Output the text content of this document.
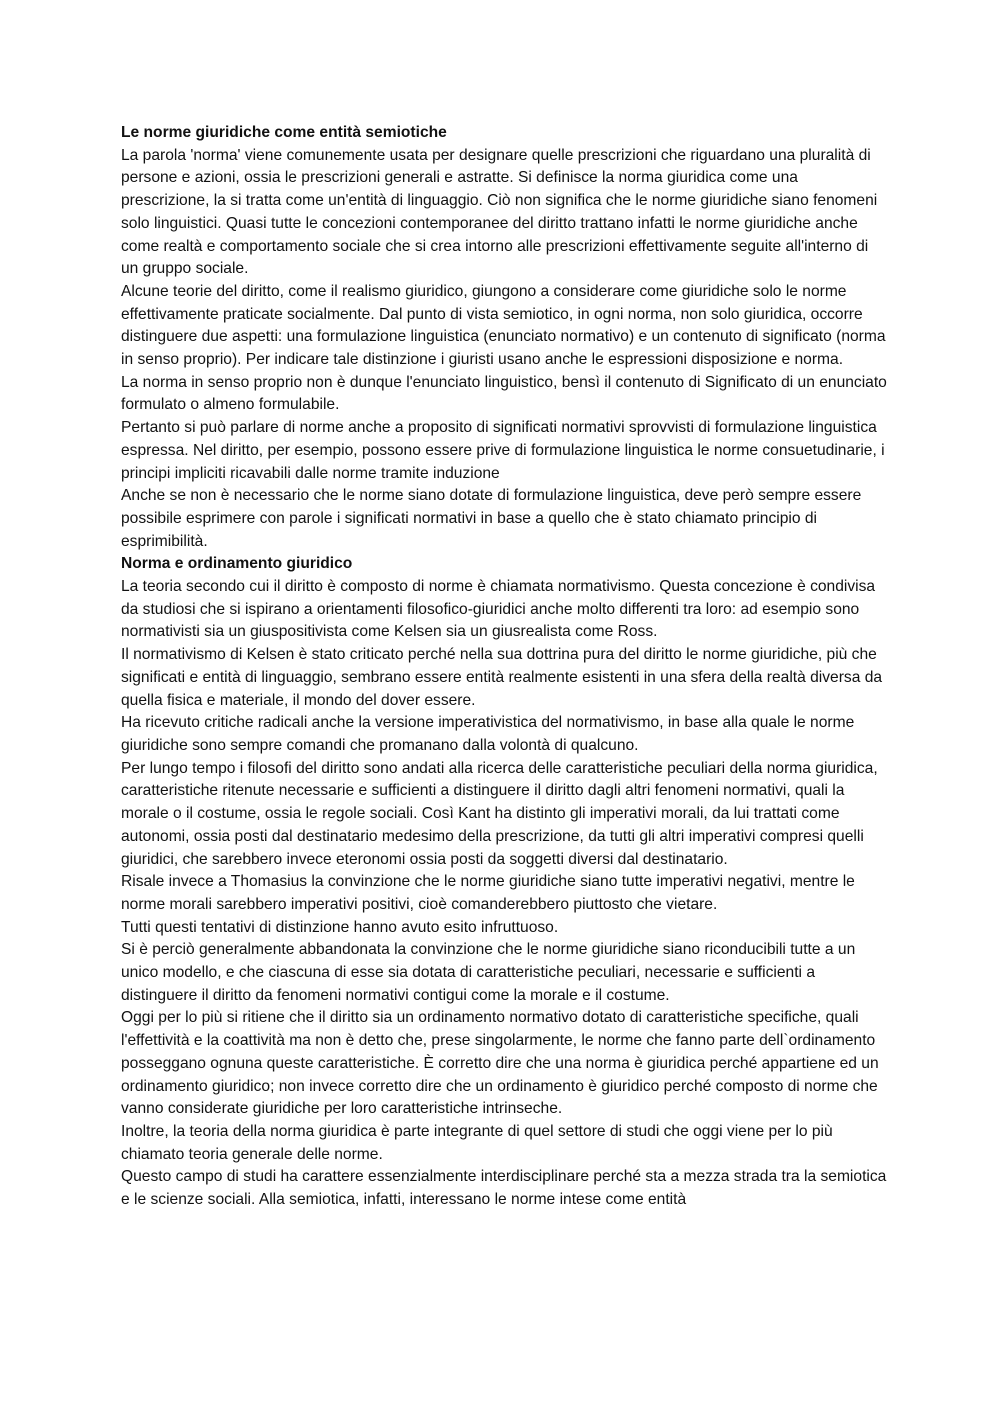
Le norme giuridiche come entità semiotiche

La parola 'norma' viene comunemente usata per designare quelle prescrizioni che riguardano una pluralità di persone e azioni, ossia le prescrizioni generali e astratte. Si definisce la norma giuridica come una prescrizione, la si tratta come un'entità di linguaggio. Ciò non significa che le norme giuridiche siano fenomeni solo linguistici. Quasi tutte le concezioni contemporanee del diritto trattano infatti le norme giuridiche anche come realtà e comportamento sociale che si crea intorno alle prescrizioni effettivamente seguite all'interno di un gruppo sociale.

Alcune teorie del diritto, come il realismo giuridico, giungono a considerare come giuridiche solo le norme effettivamente praticate socialmente. Dal punto di vista semiotico, in ogni norma, non solo giuridica, occorre distinguere due aspetti: una formulazione linguistica (enunciato normativo) e un contenuto di significato (norma in senso proprio). Per indicare tale distinzione i giuristi usano anche le espressioni disposizione e norma.

La norma in senso proprio non è dunque l'enunciato linguistico, bensì il contenuto di Significato di un enunciato formulato o almeno formulabile.

Pertanto si può parlare di norme anche a proposito di significati normativi sprovvisti di formulazione linguistica espressa. Nel diritto, per esempio, possono essere prive di formulazione linguistica le norme consuetudinarie, i principi impliciti ricavabili dalle norme tramite induzione

Anche se non è necessario che le norme siano dotate di formulazione linguistica, deve però sempre essere possibile esprimere con parole i significati normativi in base a quello che è stato chiamato principio di esprimibilità.

Norma e ordinamento giuridico

La teoria secondo cui il diritto è composto di norme è chiamata normativismo. Questa concezione è condivisa da studiosi che si ispirano a orientamenti filosofico-giuridici anche molto differenti tra loro: ad esempio sono normativisti sia un giuspositivista come Kelsen sia un giusrealista come Ross.

Il normativismo di Kelsen è stato criticato perché nella sua dottrina pura del diritto le norme giuridiche, più che significati e entità di linguaggio, sembrano essere entità realmente esistenti in una sfera della realtà diversa da quella fisica e materiale, il mondo del dover essere.

Ha ricevuto critiche radicali anche la versione imperativistica del normativismo, in base alla quale le norme giuridiche sono sempre comandi che promanano dalla volontà di qualcuno.

Per lungo tempo i filosofi del diritto sono andati alla ricerca delle caratteristiche peculiari della norma giuridica, caratteristiche ritenute necessarie e sufficienti a distinguere il diritto dagli altri fenomeni normativi, quali la morale o il costume, ossia le regole sociali. Così Kant ha distinto gli imperativi morali, da lui trattati come autonomi, ossia posti dal destinatario medesimo della prescrizione, da tutti gli altri imperativi compresi quelli giuridici, che sarebbero invece eteronomi ossia posti da soggetti diversi dal destinatario.

Risale invece a Thomasius la convinzione che le norme giuridiche siano tutte imperativi negativi, mentre le norme morali sarebbero imperativi positivi, cioè comanderebbero piuttosto che vietare.

Tutti questi tentativi di distinzione hanno avuto esito infruttuoso.

Si è perciò generalmente abbandonata la convinzione che le norme giuridiche siano riconducibili tutte a un unico modello, e che ciascuna di esse sia dotata di caratteristiche peculiari, necessarie e sufficienti a distinguere il diritto da fenomeni normativi contigui come la morale e il costume.

Oggi per lo più si ritiene che il diritto sia un ordinamento normativo dotato di caratteristiche specifiche, quali l'effettività e la coattività ma non è detto che, prese singolarmente, le norme che fanno parte dell`ordinamento posseggano ognuna queste caratteristiche. È corretto dire che una norma è giuridica perché appartiene ed un ordinamento giuridico; non invece corretto dire che un ordinamento è giuridico perché composto di norme che vanno considerate giuridiche per loro caratteristiche intrinseche.

Inoltre, la teoria della norma giuridica è parte integrante di quel settore di studi che oggi viene per lo più chiamato teoria generale delle norme.

Questo campo di studi ha carattere essenzialmente interdisciplinare perché sta a mezza strada tra la semiotica e le scienze sociali. Alla semiotica, infatti, interessano le norme intese come entità
